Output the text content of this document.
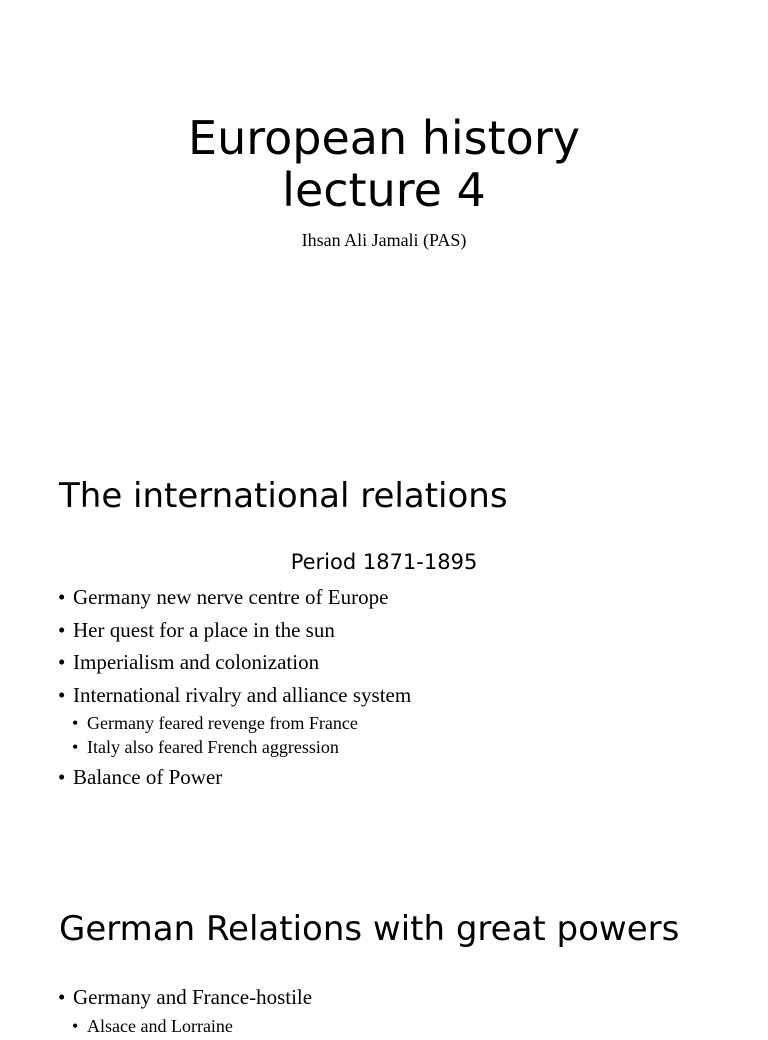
European history
lecture 4
Ihsan Ali Jamali (PAS)
The international relations
Period 1871-1895
• Germany new nerve centre of Europe
• Her quest for a place in the sun
• Imperialism and colonization
• International rivalry and alliance system
• Germany feared revenge from France
• Italy also feared French aggression
• Balance of Power
German Relations with great powers
• Germany and France-hostile
• Alsace and Lorraine
